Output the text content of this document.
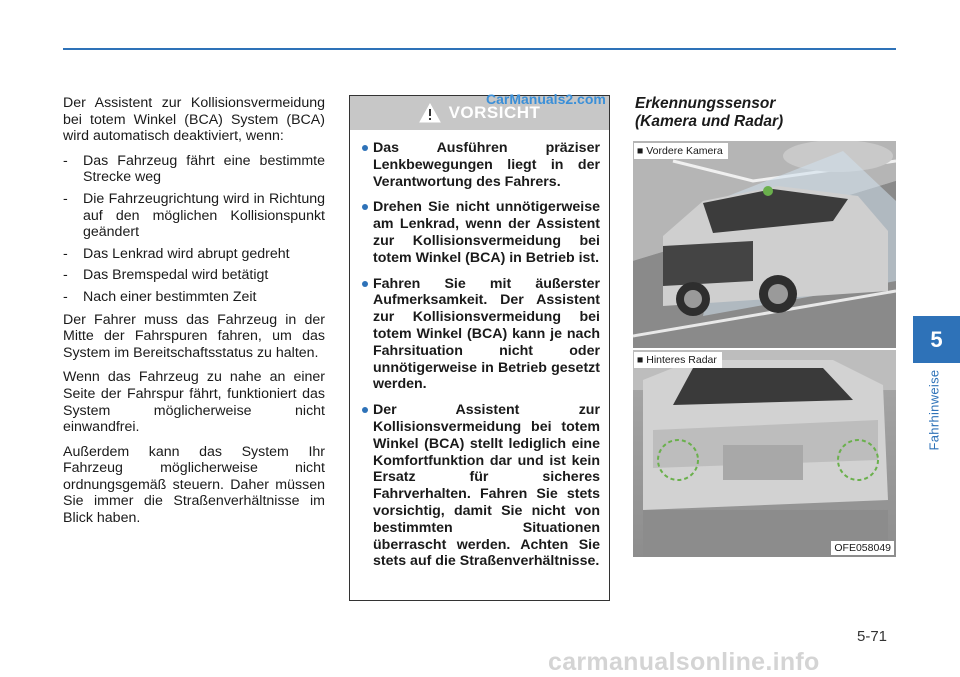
Der Assistent zur Kollisionsvermeidung bei totem Winkel (BCA) System (BCA) wird automatisch deaktiviert, wenn:

- Das Fahrzeug fährt eine bestimmte Strecke weg
- Die Fahrzeugrichtung wird in Richtung auf den möglichen Kollisionspunkt geändert
- Das Lenkrad wird abrupt gedreht
- Das Bremspedal wird betätigt
- Nach einer bestimmten Zeit

Der Fahrer muss das Fahrzeug in der Mitte der Fahrspuren fahren, um das System im Bereitschaftsstatus zu halten.

Wenn das Fahrzeug zu nahe an einer Seite der Fahrspur fährt, funktioniert das System möglicherweise nicht einwandfrei.

Außerdem kann das System Ihr Fahrzeug möglicherweise nicht ordnungsgemäß steuern. Daher müssen Sie immer die Straßenverhältnisse im Blick haben.

VORSICHT
Das Ausführen präziser Lenkbewegungen liegt in der Verantwortung des Fahrers.
Drehen Sie nicht unnötigerweise am Lenkrad, wenn der Assistent zur Kollisionsvermeidung bei totem Winkel (BCA) in Betrieb ist.
Fahren Sie mit äußerster Aufmerksamkeit. Der Assistent zur Kollisionsvermeidung bei totem Winkel (BCA) kann je nach Fahrsituation nicht oder unnötigerweise in Betrieb gesetzt werden.
Der Assistent zur Kollisionsvermeidung bei totem Winkel (BCA) stellt lediglich eine Komfortfunktion dar und ist kein Ersatz für sicheres Fahrverhalten. Fahren Sie stets vorsichtig, damit Sie nicht von bestimmten Situationen überrascht werden. Achten Sie stets auf die Straßenverhältnisse.
CarManuals2.com Erkennungssensor
(Kamera und Radar)
■ Vordere Kamera
■ Hinteres Radar
OFE058049
5
Fahrhinweise
5-71
carmanualsonline.info
